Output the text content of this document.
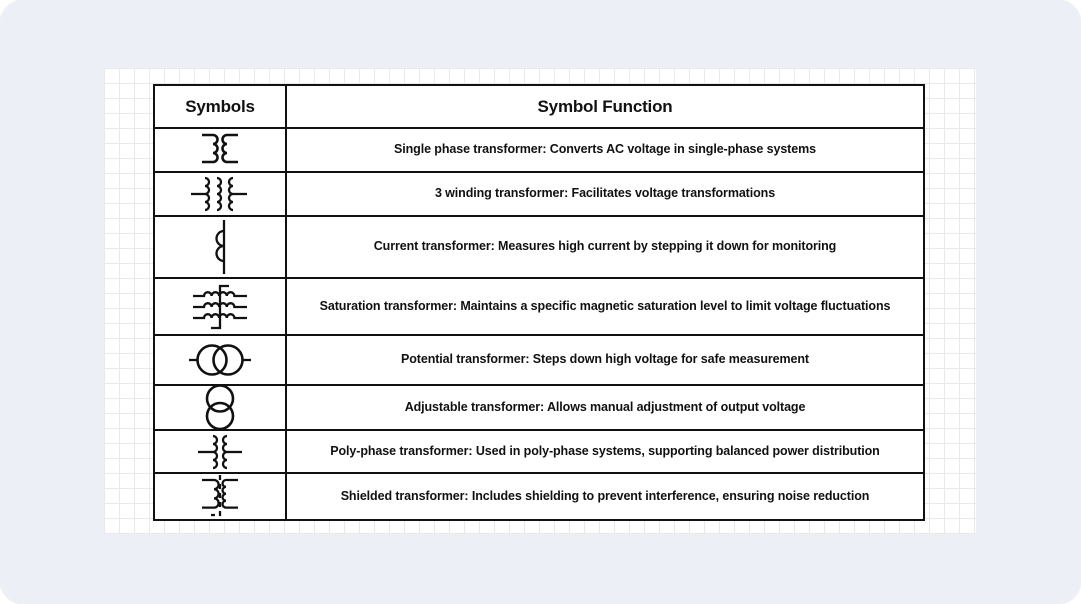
Symbols	Symbol Function
Single phase transformer: Converts AC voltage in single-phase systems
3 winding transformer: Facilitates voltage transformations
Current transformer: Measures high current by stepping it down for monitoring
Saturation transformer: Maintains a specific magnetic saturation level to limit voltage fluctuations
Potential transformer: Steps down high voltage for safe measurement
Adjustable transformer: Allows manual adjustment of output voltage
Poly-phase transformer: Used in poly-phase systems, supporting balanced power distribution
Shielded transformer: Includes shielding to prevent interference, ensuring noise reduction
